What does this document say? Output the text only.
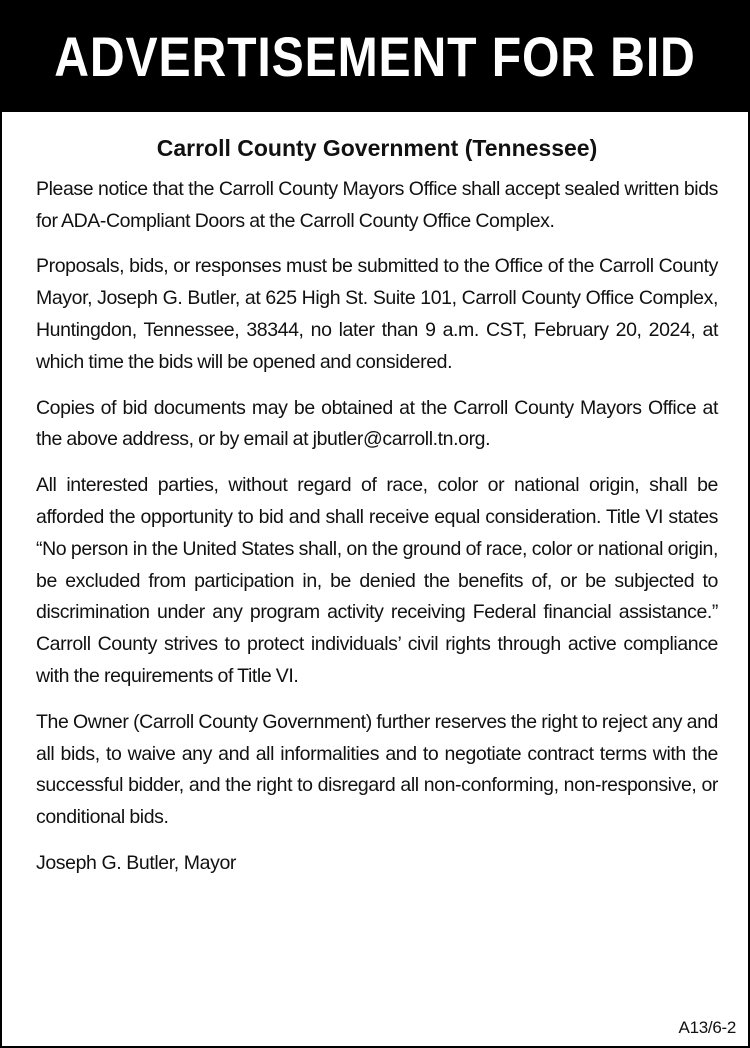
ADVERTISEMENT FOR BID
Carroll County Government (Tennessee)

Please notice that the Carroll County Mayors Office shall accept sealed written bids for ADA-Compliant Doors at the Carroll County Office Complex.

Proposals, bids, or responses must be submitted to the Office of the Carroll County Mayor, Joseph G. Butler, at 625 High St. Suite 101, Carroll County Office Complex, Huntingdon, Tennessee, 38344, no later than 9 a.m. CST, February 20, 2024, at which time the bids will be opened and considered.

Copies of bid documents may be obtained at the Carroll County Mayors Office at the above address, or by email at jbutler@carroll.tn.org.

All interested parties, without regard of race, color or national origin, shall be afforded the opportunity to bid and shall receive equal consideration. Title VI states “No person in the United States shall, on the ground of race, color or national origin, be excluded from participation in, be denied the benefits of, or be subjected to discrimination under any program activity receiving Federal financial assistance.” Carroll County strives to protect individuals’ civil rights through active compliance with the requirements of Title VI.

The Owner (Carroll County Government) further reserves the right to reject any and all bids, to waive any and all informalities and to negotiate contract terms with the successful bidder, and the right to disregard all non-conforming, non-responsive, or conditional bids.

Joseph G. Butler, Mayor

A13/6-2
